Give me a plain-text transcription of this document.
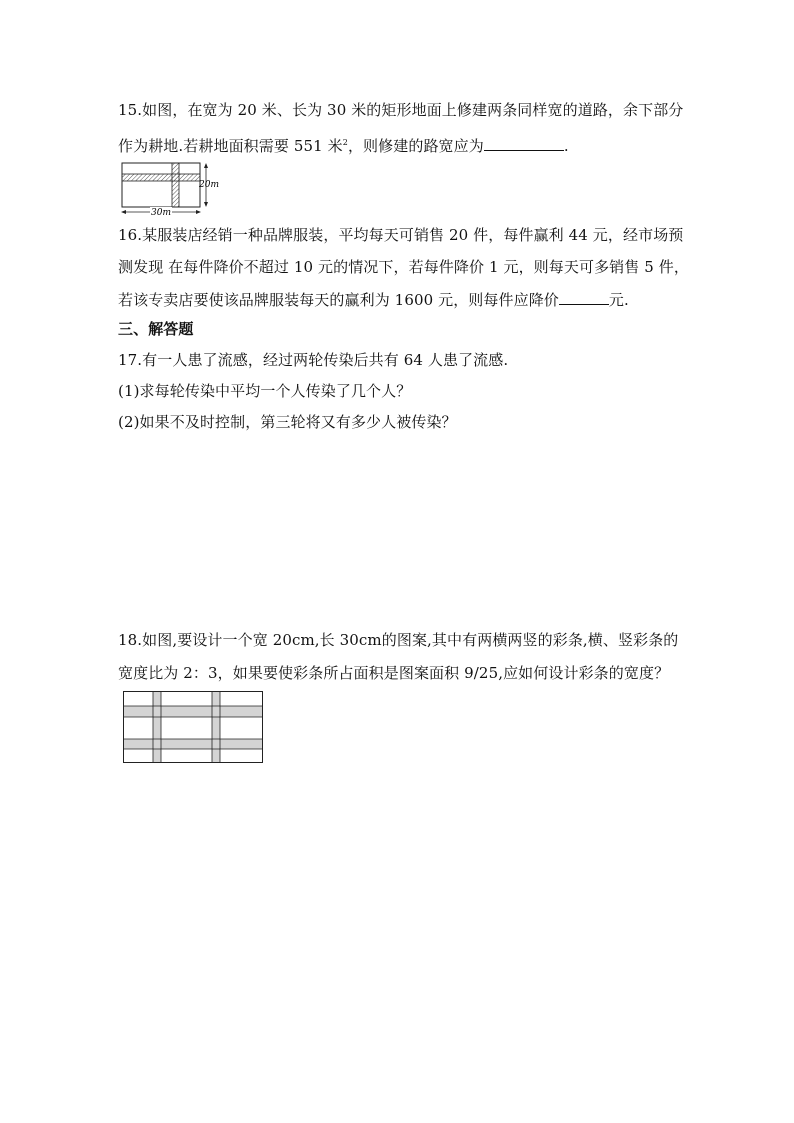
15.如图，在宽为 20 米、长为 30 米的矩形地面上修建两条同样宽的道路，余下部分
作为耕地.若耕地面积需要 551 米$^2$，则修建的路宽应为	.
20m
30m
16.某服装店经销一种品牌服装，平均每天可销售 20 件，每件赢利 44 元，经市场预
测发现 在每件降价不超过 10 元的情况下，若每件降价 1 元，则每天可多销售 5 件，
若该专卖店要使该品牌服装每天的赢利为 1600 元，则每件应降价	元.
三、解答题
17.有一人患了流感，经过两轮传染后共有 64 人患了流感.
(1)求每轮传染中平均一个人传染了几个人？
(2)如果不及时控制，第三轮将又有多少人被传染？
18.如图,要设计一个宽 20cm,长 30cm的图案,其中有两横两竖的彩条,横、竖彩条的
宽度比为 2：3，如果要使彩条所占面积是图案面积 9/25,应如何设计彩条的宽度？
